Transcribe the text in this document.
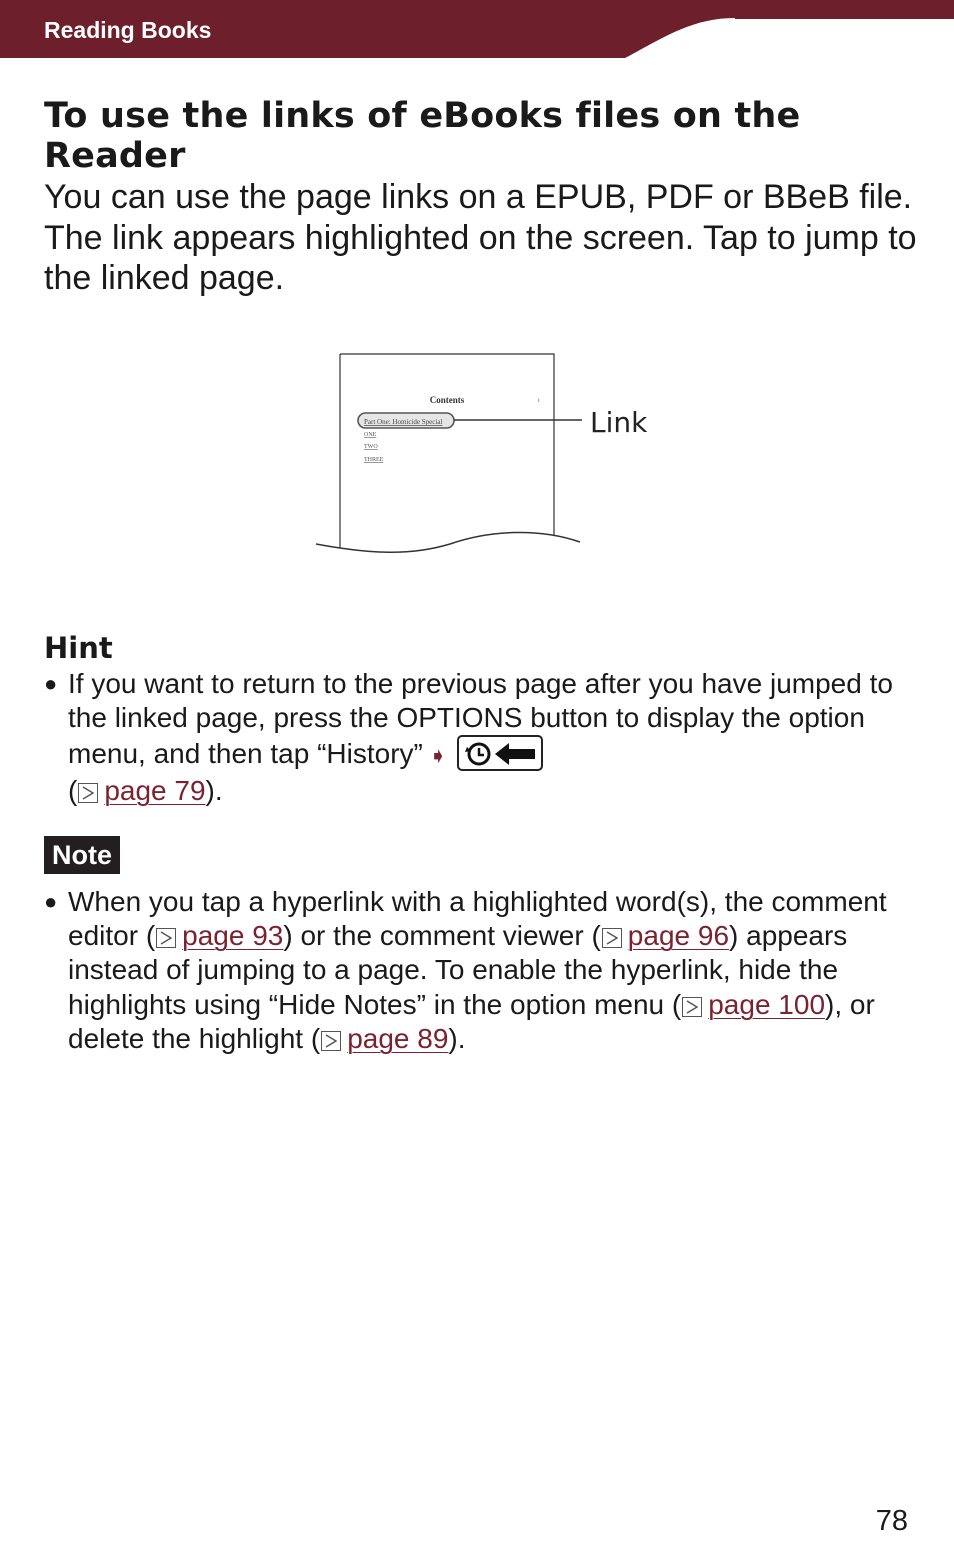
Reading Books
To use the links of eBooks files on the Reader

You can use the page links on a EPUB, PDF or BBeB file.

The link appears highlighted on the screen. Tap to jump to the linked page.

Contents	i
Part One: Homicide Special
ONE
TWO
THREE
Link
Hint
● If you want to return to the previous page after you have jumped to the linked page, press the OPTIONS button to display the option menu, and then tap “History” ➧

( page 79).
Note
● When you tap a hyperlink with a highlighted word(s), the comment editor ( page 93) or the comment viewer ( page 96) appears instead of jumping to a page. To enable the hyperlink, hide the highlights using “Hide Notes” in the option menu ( page 100), or delete the highlight ( page 89).
78
